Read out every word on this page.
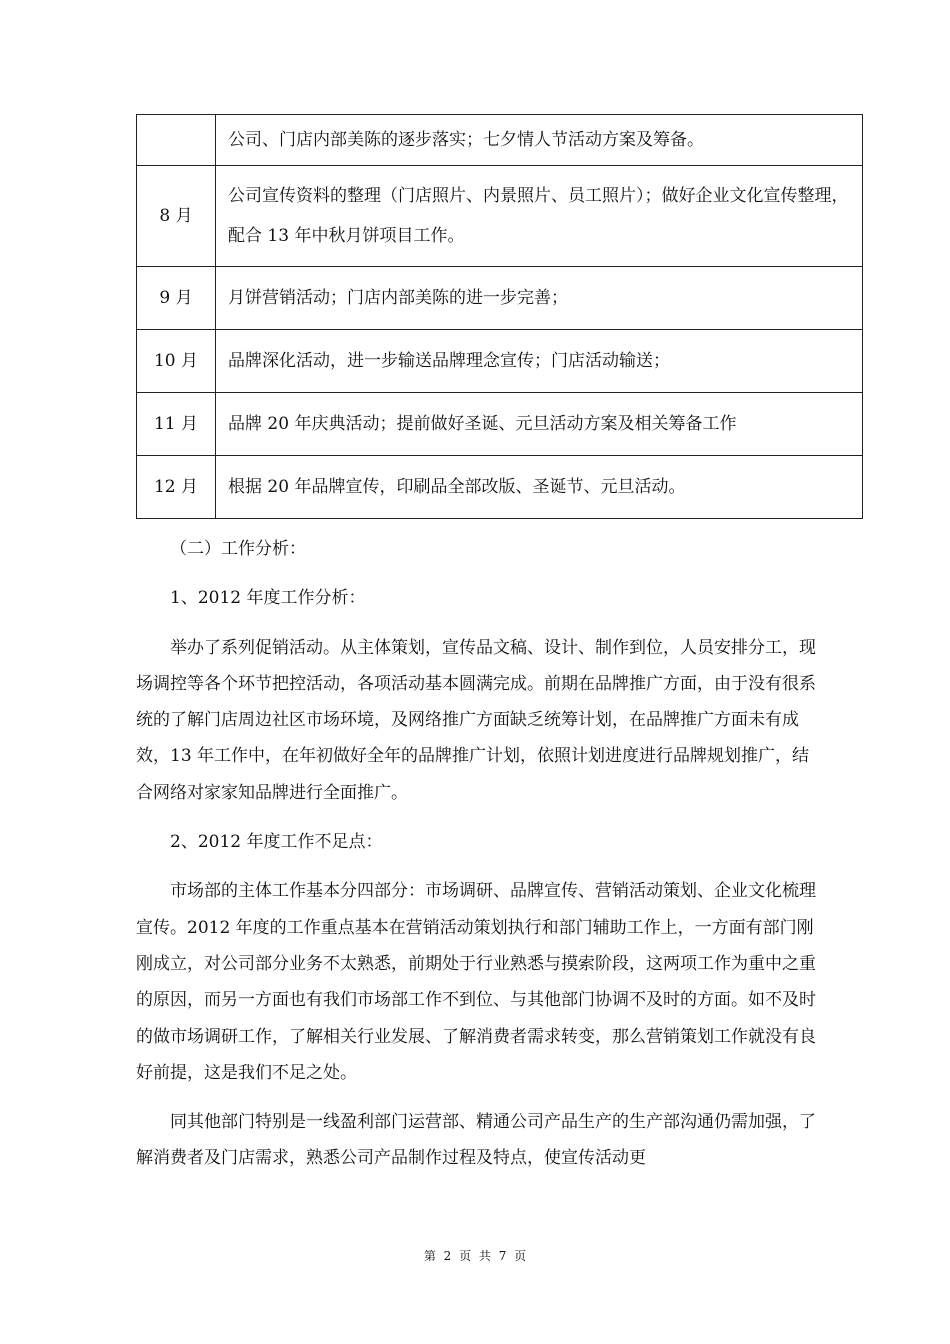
	公司、门店内部美陈的逐步落实；七夕情人节活动方案及筹备。
8 月	公司宣传资料的整理（门店照片、内景照片、员工照片）；做好企业文化宣传整理，配合 13 年中秋月饼项目工作。
9 月	月饼营销活动；门店内部美陈的进一步完善；
10 月	品牌深化活动，进一步输送品牌理念宣传；门店活动输送；
11 月	品牌 20 年庆典活动；提前做好圣诞、元旦活动方案及相关筹备工作
12 月	根据 20 年品牌宣传，印刷品全部改版、圣诞节、元旦活动。

（二）工作分析：

1、2012 年度工作分析：

举办了系列促销活动。从主体策划，宣传品文稿、设计、制作到位，人员安排分工，现场调控等各个环节把控活动，各项活动基本圆满完成。前期在品牌推广方面，由于没有很系统的了解门店周边社区市场环境，及网络推广方面缺乏统筹计划，在品牌推广方面未有成效，13 年工作中，在年初做好全年的品牌推广计划，依照计划进度进行品牌规划推广，结合网络对家家知品牌进行全面推广。

2、2012 年度工作不足点：

市场部的主体工作基本分四部分：市场调研、品牌宣传、营销活动策划、企业文化梳理宣传。2012 年度的工作重点基本在营销活动策划执行和部门辅助工作上，一方面有部门刚刚成立，对公司部分业务不太熟悉，前期处于行业熟悉与摸索阶段，这两项工作为重中之重的原因，而另一方面也有我们市场部工作不到位、与其他部门协调不及时的方面。如不及时的做市场调研工作，了解相关行业发展、了解消费者需求转变，那么营销策划工作就没有良好前提，这是我们不足之处。

同其他部门特别是一线盈利部门运营部、精通公司产品生产的生产部沟通仍需加强，了解消费者及门店需求，熟悉公司产品制作过程及特点，使宣传活动更

第 2 页 共 7 页
